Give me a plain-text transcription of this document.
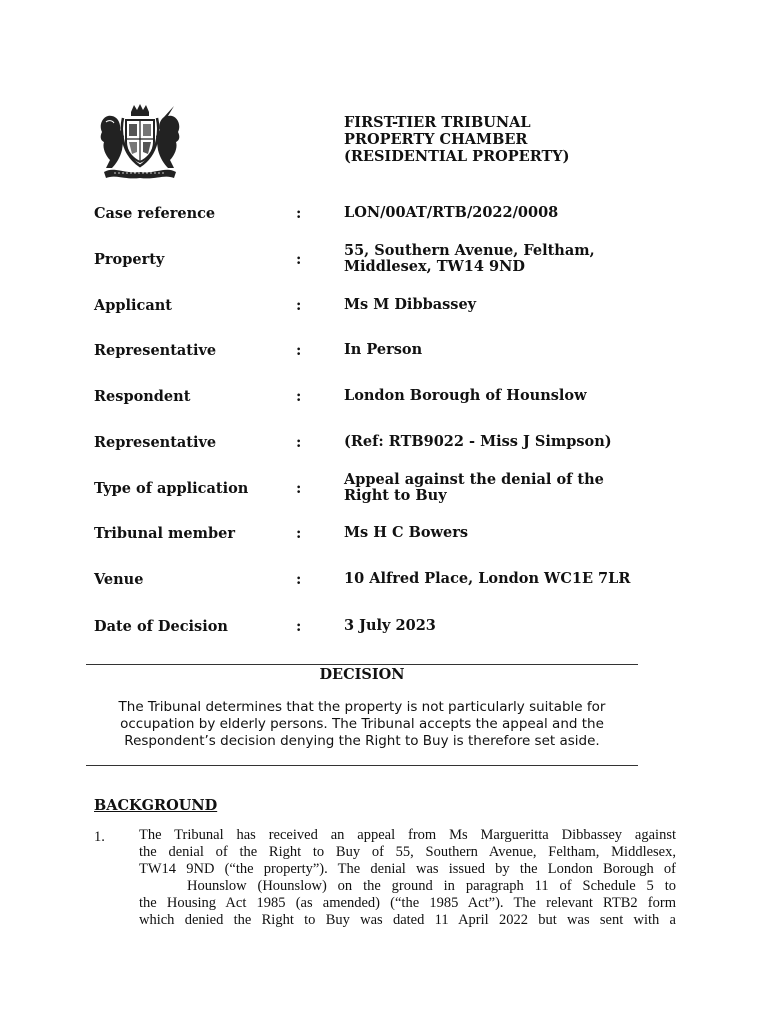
FIRST-TIER TRIBUNAL
PROPERTY CHAMBER
(RESIDENTIAL PROPERTY)
Case reference	:	LON/00AT/RTB/2022/0008
Property	:
55, Southern Avenue, Feltham, Middlesex, TW14 9ND
Applicant	:	Ms M Dibbassey
Representative	:	In Person
Respondent	:	London Borough of Hounslow
Representative	:	(Ref: RTB9022 - Miss J Simpson)
Type of application	:
Appeal against the denial of the Right to Buy
Tribunal member	:	Ms H C Bowers
Venue	:	10 Alfred Place, London WC1E 7LR
Date of Decision	:	3 July 2023
DECISION
The Tribunal determines that the property is not particularly suitable for
occupation by elderly persons. The Tribunal accepts the appeal and the
Respondent’s decision denying the Right to Buy is therefore set aside.
BACKGROUND
1. The Tribunal has received an appeal from Ms Marguerittа Dibbassey against
the denial of the Right to Buy of 55, Southern Avenue, Feltham, Middlesex,
TW14 9ND (“the property”). The denial was issued by the London Borough of
Hounslow (Hounslow) on the ground in paragraph 11 of Schedule 5 to
the Housing Act 1985 (as amended) (“the 1985 Act”). The relevant RTB2 form
which denied the Right to Buy was dated 11 April 2022 but was sent with a
